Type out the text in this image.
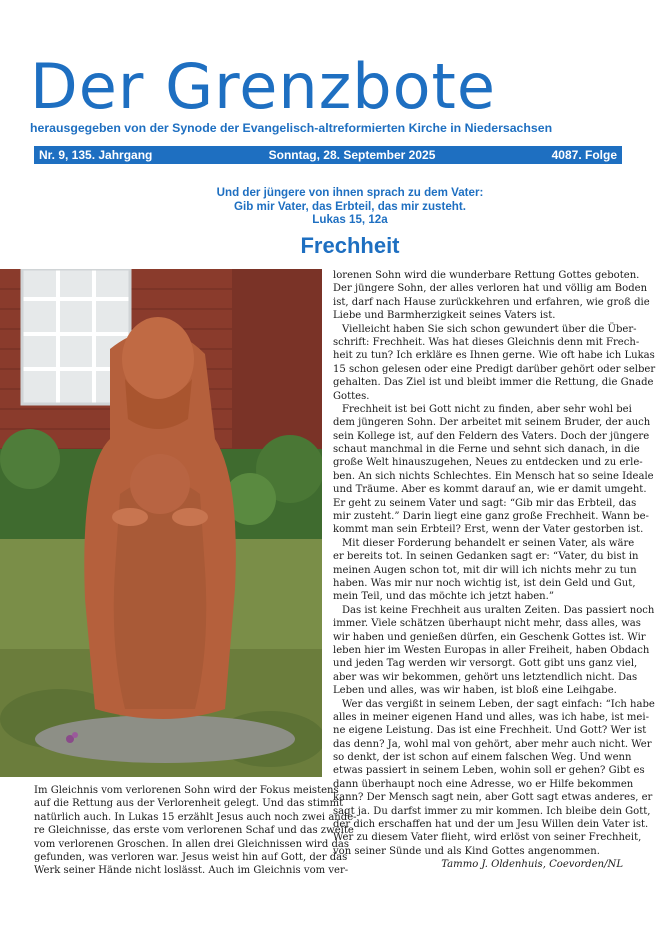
Der Grenzbote
herausgegeben von der Synode der Evangelisch-altreformierten Kirche in Niedersachsen
Nr. 9, 135. Jahrgang	Sonntag, 28. September 2025	4087. Folge
Und der jüngere von ihnen sprach zu dem Vater:
Gib mir Vater, das Erbteil, das mir zusteht.
Lukas 15, 12a
Frechheit
Im Gleichnis vom verlorenen Sohn wird der Fokus meistens
auf die Rettung aus der Verlorenheit gelegt. Und das stimmt
natürlich auch. In Lukas 15 erzählt Jesus auch noch zwei ande-
re Gleichnisse, das erste vom verlorenen Schaf und das zweite
vom verlorenen Groschen. In allen drei Gleichnissen wird das
gefunden, was verloren war. Jesus weist hin auf Gott, der das
Werk seiner Hände nicht loslässt. Auch im Gleichnis vom ver-
lorenen Sohn wird die wunderbare Rettung Gottes geboten.
Der jüngere Sohn, der alles verloren hat und völlig am Boden
ist, darf nach Hause zurückkehren und erfahren, wie groß die
Liebe und Barmherzigkeit seines Vaters ist.
Vielleicht haben Sie sich schon gewundert über die Über-
schrift: Frechheit. Was hat dieses Gleichnis denn mit Frech-
heit zu tun? Ich erkläre es Ihnen gerne. Wie oft habe ich Lukas
15 schon gelesen oder eine Predigt darüber gehört oder selber
gehalten. Das Ziel ist und bleibt immer die Rettung, die Gnade
Gottes.
Frechheit ist bei Gott nicht zu finden, aber sehr wohl bei
dem jüngeren Sohn. Der arbeitet mit seinem Bruder, der auch
sein Kollege ist, auf den Feldern des Vaters. Doch der jüngere
schaut manchmal in die Ferne und sehnt sich danach, in die
große Welt hinauszugehen, Neues zu entdecken und zu erle-
ben. An sich nichts Schlechtes. Ein Mensch hat so seine Ideale
und Träume. Aber es kommt darauf an, wie er damit umgeht.
Er geht zu seinem Vater und sagt: “Gib mir das Erbteil, das
mir zusteht.” Darin liegt eine ganz große Frechheit. Wann be-
kommt man sein Erbteil? Erst, wenn der Vater gestorben ist.
Mit dieser Forderung behandelt er seinen Vater, als wäre
er bereits tot. In seinen Gedanken sagt er: “Vater, du bist in
meinen Augen schon tot, mit dir will ich nichts mehr zu tun
haben. Was mir nur noch wichtig ist, ist dein Geld und Gut,
mein Teil, und das möchte ich jetzt haben.”
Das ist keine Frechheit aus uralten Zeiten. Das passiert noch
immer. Viele schätzen überhaupt nicht mehr, dass alles, was
wir haben und genießen dürfen, ein Geschenk Gottes ist. Wir
leben hier im Westen Europas in aller Freiheit, haben Obdach
und jeden Tag werden wir versorgt. Gott gibt uns ganz viel,
aber was wir bekommen, gehört uns letztendlich nicht. Das
Leben und alles, was wir haben, ist bloß eine Leihgabe.
Wer das vergißt in seinem Leben, der sagt einfach: “Ich habe
alles in meiner eigenen Hand und alles, was ich habe, ist mei-
ne eigene Leistung. Das ist eine Frechheit. Und Gott? Wer ist
das denn? Ja, wohl mal von gehört, aber mehr auch nicht. Wer
so denkt, der ist schon auf einem falschen Weg. Und wenn
etwas passiert in seinem Leben, wohin soll er gehen? Gibt es
dann überhaupt noch eine Adresse, wo er Hilfe bekommen
kann? Der Mensch sagt nein, aber Gott sagt etwas anderes, er
sagt ja. Du darfst immer zu mir kommen. Ich bleibe dein Gott,
der dich erschaffen hat und der um Jesu Willen dein Vater ist.
Wer zu diesem Vater flieht, wird erlöst von seiner Frechheit,
von seiner Sünde und als Kind Gottes angenommen.
Tammo J. Oldenhuis, Coevorden/NL
